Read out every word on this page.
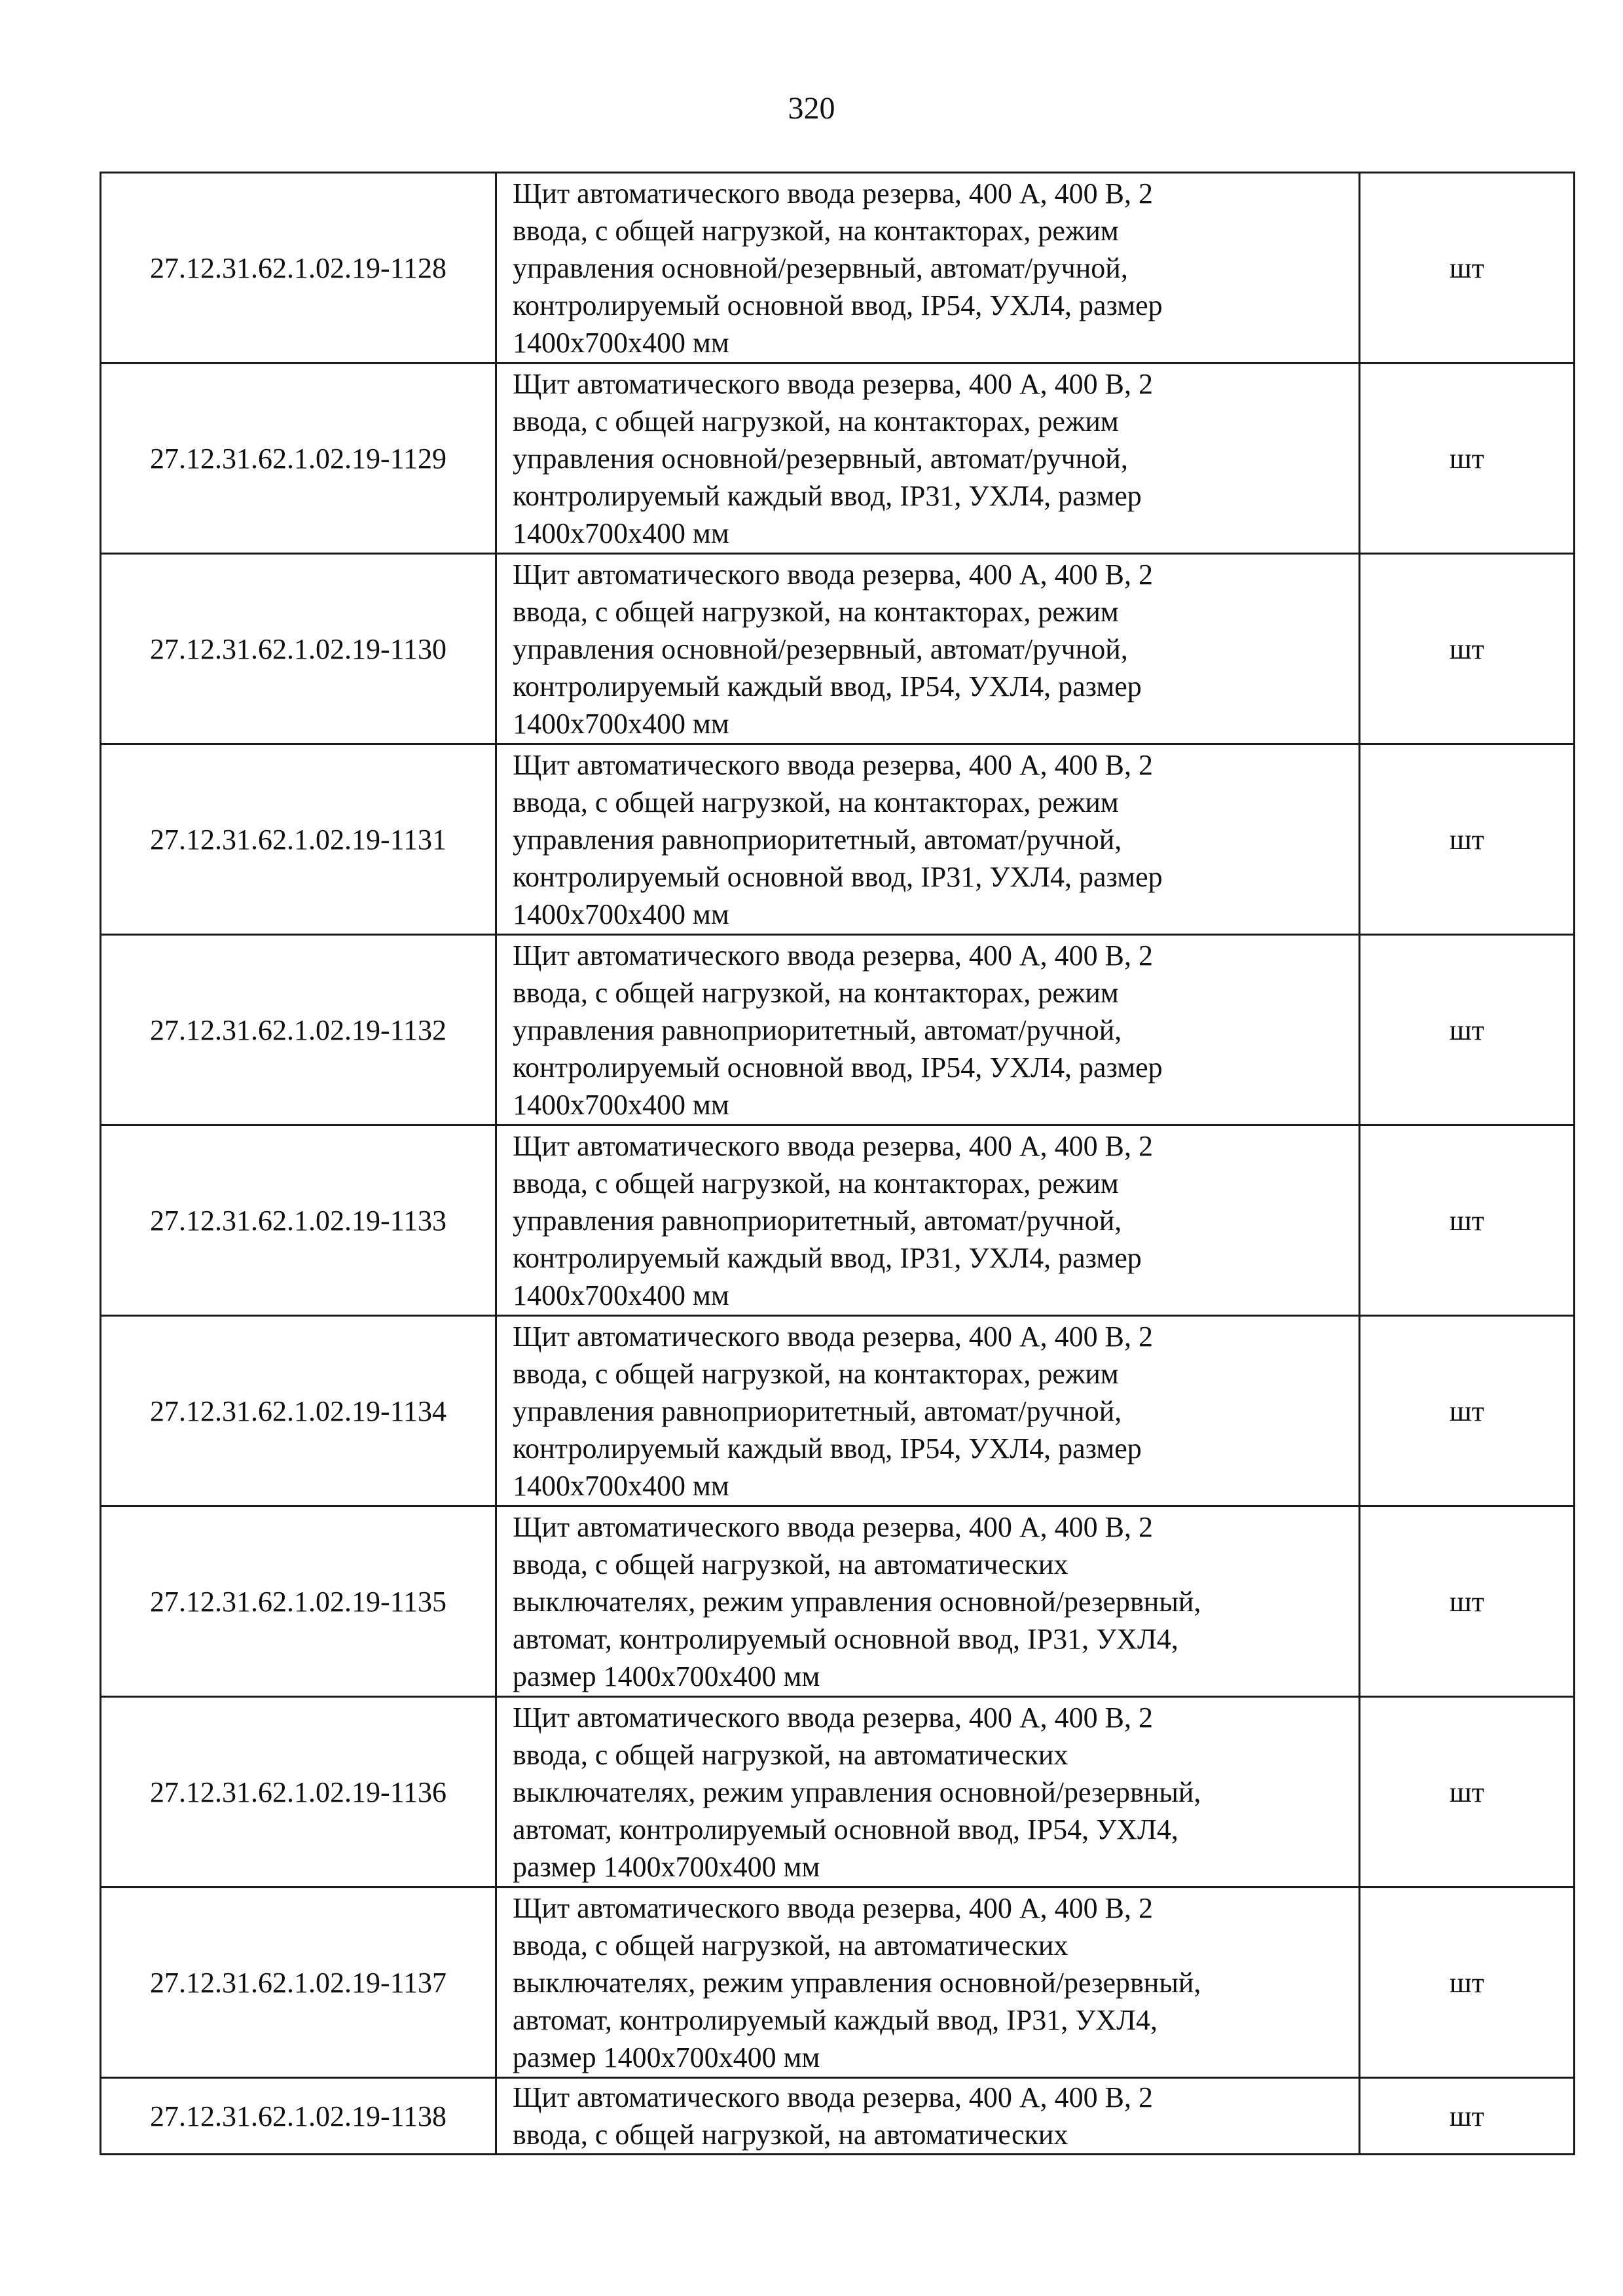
320
27.12.31.62.1.02.19-1128	Щит автоматического ввода резерва, 400 А, 400 В, 2
ввода, с общей нагрузкой, на контакторах, режим
управления основной/резервный, автомат/ручной,
контролируемый основной ввод, IP54, УХЛ4, размер
1400х700х400 мм	шт
27.12.31.62.1.02.19-1129	Щит автоматического ввода резерва, 400 А, 400 В, 2
ввода, с общей нагрузкой, на контакторах, режим
управления основной/резервный, автомат/ручной,
контролируемый каждый ввод, IP31, УХЛ4, размер
1400х700х400 мм	шт
27.12.31.62.1.02.19-1130	Щит автоматического ввода резерва, 400 А, 400 В, 2
ввода, с общей нагрузкой, на контакторах, режим
управления основной/резервный, автомат/ручной,
контролируемый каждый ввод, IP54, УХЛ4, размер
1400х700х400 мм	шт
27.12.31.62.1.02.19-1131	Щит автоматического ввода резерва, 400 А, 400 В, 2
ввода, с общей нагрузкой, на контакторах, режим
управления равноприоритетный, автомат/ручной,
контролируемый основной ввод, IP31, УХЛ4, размер
1400х700х400 мм	шт
27.12.31.62.1.02.19-1132	Щит автоматического ввода резерва, 400 А, 400 В, 2
ввода, с общей нагрузкой, на контакторах, режим
управления равноприоритетный, автомат/ручной,
контролируемый основной ввод, IP54, УХЛ4, размер
1400х700х400 мм	шт
27.12.31.62.1.02.19-1133	Щит автоматического ввода резерва, 400 А, 400 В, 2
ввода, с общей нагрузкой, на контакторах, режим
управления равноприоритетный, автомат/ручной,
контролируемый каждый ввод, IP31, УХЛ4, размер
1400х700х400 мм	шт
27.12.31.62.1.02.19-1134	Щит автоматического ввода резерва, 400 А, 400 В, 2
ввода, с общей нагрузкой, на контакторах, режим
управления равноприоритетный, автомат/ручной,
контролируемый каждый ввод, IP54, УХЛ4, размер
1400х700х400 мм	шт
27.12.31.62.1.02.19-1135	Щит автоматического ввода резерва, 400 А, 400 В, 2
ввода, с общей нагрузкой, на автоматических
выключателях, режим управления основной/резервный,
автомат, контролируемый основной ввод, IP31, УХЛ4,
размер 1400х700х400 мм	шт
27.12.31.62.1.02.19-1136	Щит автоматического ввода резерва, 400 А, 400 В, 2
ввода, с общей нагрузкой, на автоматических
выключателях, режим управления основной/резервный,
автомат, контролируемый основной ввод, IP54, УХЛ4,
размер 1400х700х400 мм	шт
27.12.31.62.1.02.19-1137	Щит автоматического ввода резерва, 400 А, 400 В, 2
ввода, с общей нагрузкой, на автоматических
выключателях, режим управления основной/резервный,
автомат, контролируемый каждый ввод, IP31, УХЛ4,
размер 1400х700х400 мм	шт
27.12.31.62.1.02.19-1138	Щит автоматического ввода резерва, 400 А, 400 В, 2
ввода, с общей нагрузкой, на автоматических	шт
